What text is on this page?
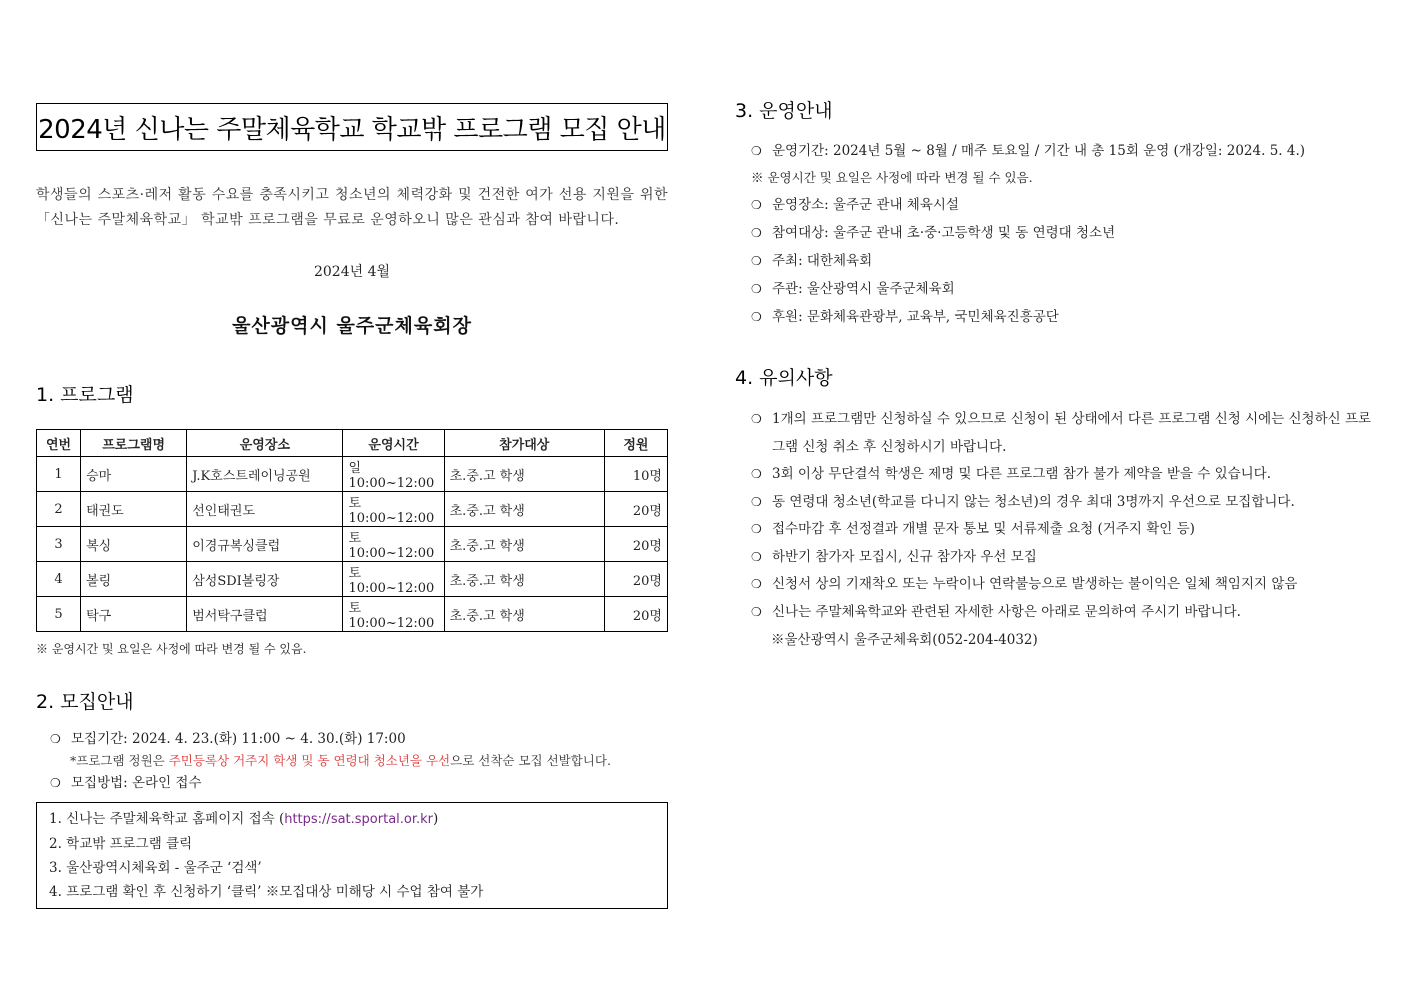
2024년 신나는 주말체육학교 학교밖 프로그램 모집 안내
학생들의 스포츠·레저 활동 수요를 충족시키고 청소년의 체력강화 및 건전한 여가 선용 지원을 위한 「신나는 주말체육학교」 학교밖 프로그램을 무료로 운영하오니 많은 관심과 참여 바랍니다.
2024년 4월
울산광역시 울주군체육회장
1. 프로그램
연번	프로그램명	운영장소	운영시간	참가대상	정원
1	승마	J.K호스트레이닝공원	일 10:00~12:00	초.중.고 학생	10명
2	태권도	선인태권도	토 10:00~12:00	초.중.고 학생	20명
3	복싱	이경규복싱클럽	토 10:00~12:00	초.중.고 학생	20명
4	볼링	삼성SDI볼링장	토 10:00~12:00	초.중.고 학생	20명
5	탁구	범서탁구클럽	토 10:00~12:00	초.중.고 학생	20명
※ 운영시간 및 요일은 사정에 따라 변경 될 수 있음.
2. 모집안내
❍ 모집기간: 2024. 4. 23.(화) 11:00 ~ 4. 30.(화) 17:00
*프로그램 정원은 주민등록상 거주지 학생 및 동 연령대 청소년을 우선으로 선착순 모집 선발합니다.
❍ 모집방법: 온라인 접수
1. 신나는 주말체육학교 홈페이지 접속 (https://sat.sportal.or.kr)
2. 학교밖 프로그램 클릭
3. 울산광역시체육회 - 울주군 ‘검색’
4. 프로그램 확인 후 신청하기 ‘클릭’ ※모집대상 미해당 시 수업 참여 불가
3. 운영안내
❍ 운영기간: 2024년 5월 ~ 8월 / 매주 토요일 / 기간 내 총 15회 운영 (개강일: 2024. 5. 4.)
※ 운영시간 및 요일은 사정에 따라 변경 될 수 있음.
❍ 운영장소: 울주군 관내 체육시설
❍ 참여대상: 울주군 관내 초·중·고등학생 및 동 연령대 청소년
❍ 주최: 대한체육회
❍ 주관: 울산광역시 울주군체육회
❍ 후원: 문화체육관광부, 교육부, 국민체육진흥공단
4. 유의사항
❍ 1개의 프로그램만 신청하실 수 있으므로 신청이 된 상태에서 다른 프로그램 신청 시에는 신청하신 프로그램 신청 취소 후 신청하시기 바랍니다.
❍ 3회 이상 무단결석 학생은 제명 및 다른 프로그램 참가 불가 제약을 받을 수 있습니다.
❍ 동 연령대 청소년(학교를 다니지 않는 청소년)의 경우 최대 3명까지 우선으로 모집합니다.
❍ 접수마감 후 선정결과 개별 문자 통보 및 서류제출 요청 (거주지 확인 등)
❍ 하반기 참가자 모집시, 신규 참가자 우선 모집
❍ 신청서 상의 기재착오 또는 누락이나 연락불능으로 발생하는 불이익은 일체 책임지지 않음
❍ 신나는 주말체육학교와 관련된 자세한 사항은 아래로 문의하여 주시기 바랍니다.
※울산광역시 울주군체육회(052-204-4032)
